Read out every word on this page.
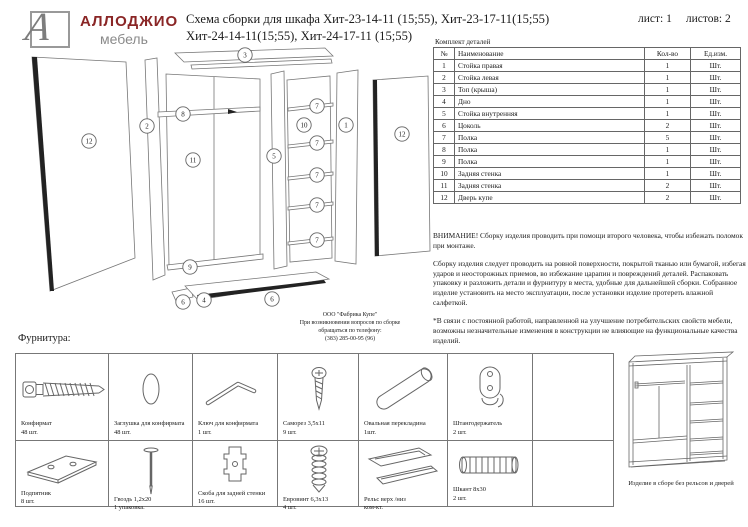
А АЛЛОДЖИО
мебель
Схема сборки для шкафа Хит-23-14-11 (15;55), Хит-23-17-11(15;55)
Хит-24-14-11(15;55), Хит-24-17-11 (15;55)
лист: 1 листов: 2
3
2
12
11
8
9
5
10
7
7
7
7
7
1
12
6	4	6
Комплект деталей
№	Наименование	Кол-во	Ед.изм.
1	Стойка правая	1	Шт.
2	Стойка левая	1	Шт.
3	Топ (крыша)	1	Шт.
4	Дно	1	Шт.
5	Стойка внутренняя	1	Шт.
6	Цоколь	2	Шт.
7	Полка	5	Шт.
8	Полка	1	Шт.
9	Полка	1	Шт.
10	Задняя стенка	1	Шт.
11	Задняя стенка	2	Шт.
12	Дверь купе	2	Шт.

ВНИМАНИЕ! Сборку изделия проводить при помощи второго человека, чтобы избежать поломок при монтаже.

Сборку изделия следует проводить на ровной поверхности, покрытой тканью или бумагой, избегая ударов и неосторожных приемов, во избежание царапин и повреждений деталей. Распаковать упаковку и разложить детали и фурнитуру в места, удобные для дальнейшей сборки. Собранное изделие установить на место эксплуатации, после установки изделие протереть влажной салфеткой.

*В связи с постоянной работой, направленной на улучшение потребительских свойств мебели, возможны незначительные изменения в конструкции не влияющие на функциональные качества изделий.

ООО "Фабрика Купе"
При возникновении вопросов по сборке
обращаться по телефону:
(383) 285-00-95 (96)
Фурнитура:
Конфирмат
48 шт.
Заглушка для конфирмата
48 шт.
Ключ для конфирмата
1 шт.
Саморез 3,5х11
9 шт.
Овальная перекладина
1шт.
Штангодержатель
2 шт.
Подпятник
8 шт.	Гвоздь 1,2х20
1 упаковка.
Скоба для задней стенки
16 шт.	Евровинт 6,3х13
4 шт.
Рельс верх /низ
ком-кт.
Шкант 8х30
2 шт.
Изделие в сборе без рельсов и дверей
